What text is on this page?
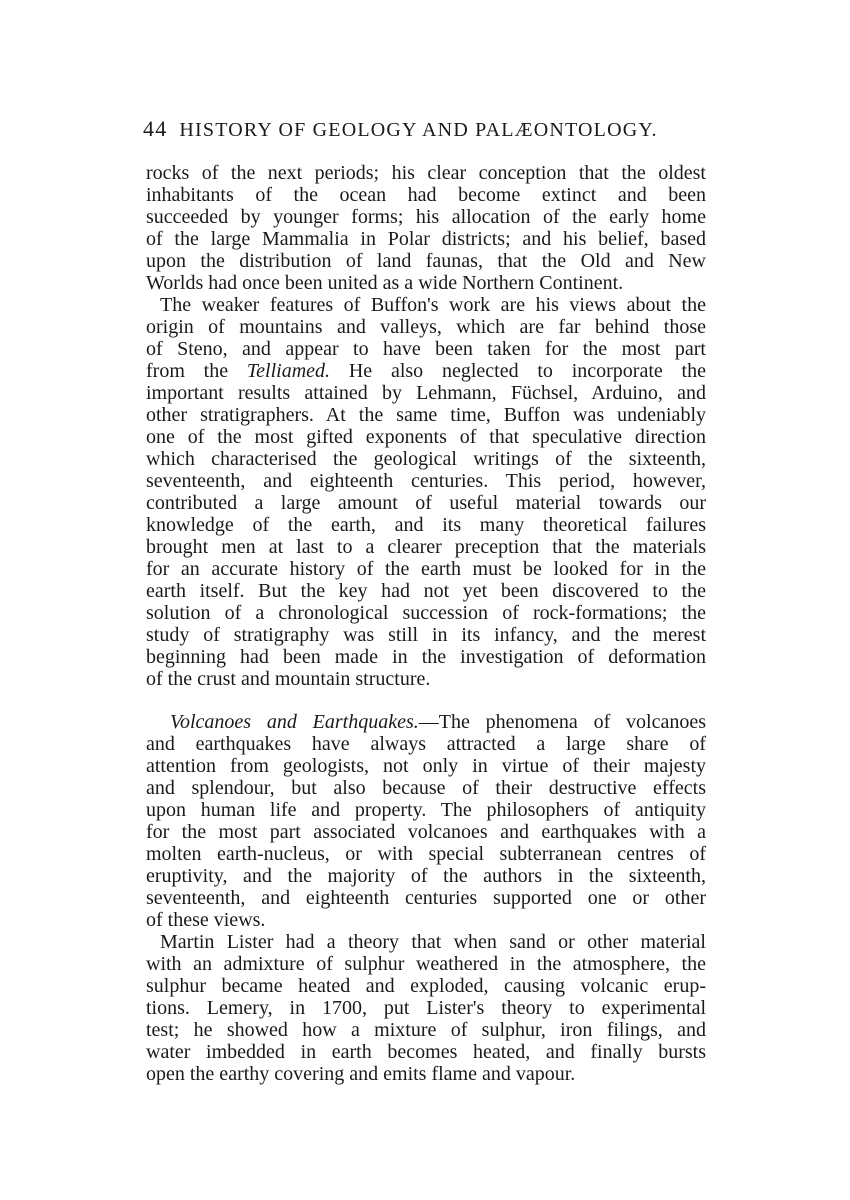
44 HISTORY OF GEOLOGY AND PALÆONTOLOGY.
rocks of the next periods; his clear conception that the oldest
inhabitants of the ocean had become extinct and been
succeeded by younger forms; his allocation of the early home
of the large Mammalia in Polar districts; and his belief, based
upon the distribution of land faunas, that the Old and New
Worlds had once been united as a wide Northern Continent.
The weaker features of Buffon's work are his views about the
origin of mountains and valleys, which are far behind those
of Steno, and appear to have been taken for the most part
from the Telliamed. He also neglected to incorporate the
important results attained by Lehmann, Füchsel, Arduino, and
other stratigraphers. At the same time, Buffon was undeniably
one of the most gifted exponents of that speculative direction
which characterised the geological writings of the sixteenth,
seventeenth, and eighteenth centuries. This period, however,
contributed a large amount of useful material towards our
knowledge of the earth, and its many theoretical failures
brought men at last to a clearer preception that the materials
for an accurate history of the earth must be looked for in the
earth itself. But the key had not yet been discovered to the
solution of a chronological succession of rock-formations; the
study of stratigraphy was still in its infancy, and the merest
beginning had been made in the investigation of deformation
of the crust and mountain structure.
Volcanoes and Earthquakes.—The phenomena of volcanoes
and earthquakes have always attracted a large share of
attention from geologists, not only in virtue of their majesty
and splendour, but also because of their destructive effects
upon human life and property. The philosophers of antiquity
for the most part associated volcanoes and earthquakes with a
molten earth-nucleus, or with special subterranean centres of
eruptivity, and the majority of the authors in the sixteenth,
seventeenth, and eighteenth centuries supported one or other
of these views.
Martin Lister had a theory that when sand or other material
with an admixture of sulphur weathered in the atmosphere, the
sulphur became heated and exploded, causing volcanic erup-
tions. Lemery, in 1700, put Lister's theory to experimental
test; he showed how a mixture of sulphur, iron filings, and
water imbedded in earth becomes heated, and finally bursts
open the earthy covering and emits flame and vapour.
